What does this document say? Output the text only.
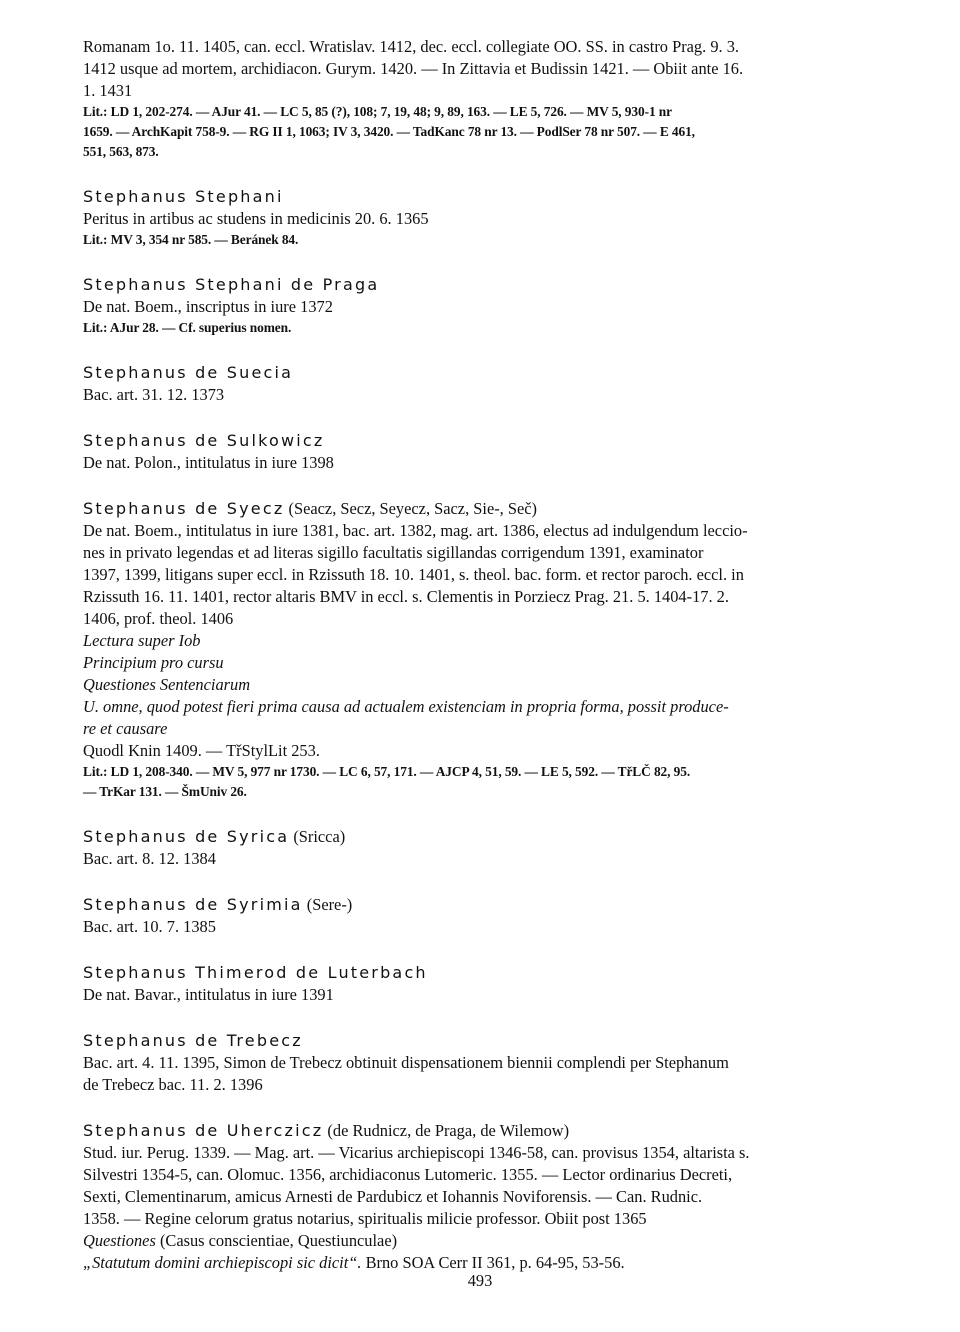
Romanam 1o. 11. 1405, can. eccl. Wratislav. 1412, dec. eccl. collegiate OO. SS. in castro Prag. 9. 3.
1412 usque ad mortem, archidiacon. Gurym. 1420. — In Zittavia et Budissin 1421. — Obiit ante 16.
1. 1431

Lit.: LD 1, 202-274. — AJur 41. — LC 5, 85 (?), 108; 7, 19, 48; 9, 89, 163. — LE 5, 726. — MV 5, 930-1 nr
1659. — ArchKapit 758-9. — RG II 1, 1063; IV 3, 3420. — TadKanc 78 nr 13. — PodlSer 78 nr 507. — E 461,
551, 563, 873.

Stephanus Stephani

Peritus in artibus ac studens in medicinis 20. 6. 1365

Lit.: MV 3, 354 nr 585. — Beránek 84.

Stephanus Stephani de Praga

De nat. Boem., inscriptus in iure 1372

Lit.: AJur 28. — Cf. superius nomen.

Stephanus de Suecia

Bac. art. 31. 12. 1373

Stephanus de Sulkowicz

De nat. Polon., intitulatus in iure 1398

Stephanus de Syecz (Seacz, Secz, Seyecz, Sacz, Sie-, Seč)

De nat. Boem., intitulatus in iure 1381, bac. art. 1382, mag. art. 1386, electus ad indulgendum leccio-
nes in privato legendas et ad literas sigillo facultatis sigillandas corrigendum 1391, examinator
1397, 1399, litigans super eccl. in Rzissuth 18. 10. 1401, s. theol. bac. form. et rector paroch. eccl. in
Rzissuth 16. 11. 1401, rector altaris BMV in eccl. s. Clementis in Porziecz Prag. 21. 5. 1404-17. 2.
1406, prof. theol. 1406
Lectura super Iob
Principium pro cursu
Questiones Sentenciarum
U. omne, quod potest fieri prima causa ad actualem existenciam in propria forma, possit produce-
re et causare
Quodl Knin 1409. — TřStylLit 253.

Lit.: LD 1, 208-340. — MV 5, 977 nr 1730. — LC 6, 57, 171. — AJCP 4, 51, 59. — LE 5, 592. — TřLČ 82, 95.
— TrKar 131. — ŠmUniv 26.

Stephanus de Syrica (Sricca)

Bac. art. 8. 12. 1384

Stephanus de Syrimia (Sere-)

Bac. art. 10. 7. 1385

Stephanus Thimerod de Luterbach

De nat. Bavar., intitulatus in iure 1391

Stephanus de Trebecz

Bac. art. 4. 11. 1395, Simon de Trebecz obtinuit dispensationem biennii complendi per Stephanum
de Trebecz bac. 11. 2. 1396

Stephanus de Uherczicz (de Rudnicz, de Praga, de Wilemow)

Stud. iur. Perug. 1339. — Mag. art. — Vicarius archiepiscopi 1346-58, can. provisus 1354, altarista s.
Silvestri 1354-5, can. Olomuc. 1356, archidiaconus Lutomeric. 1355. — Lector ordinarius Decreti,
Sexti, Clementinarum, amicus Arnesti de Pardubicz et Iohannis Noviforensis. — Can. Rudnic.
1358. — Regine celorum gratus notarius, spiritualis milicie professor. Obiit post 1365
Questiones (Casus conscientiae, Questiunculae)
„Statutum domini archiepiscopi sic dicit“. Brno SOA Cerr II 361, p. 64-95, 53-56.

493
